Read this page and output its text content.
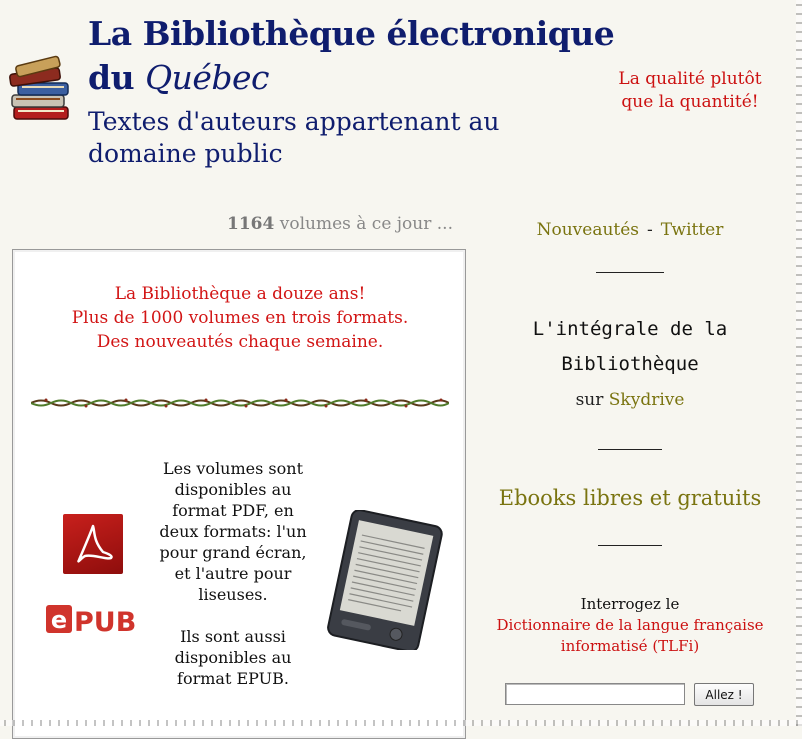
La Bibliothèque électronique
du Québec

Textes d'auteurs appartenant au domaine public

La qualité plutôt
que la quantité!
1164 volumes à ce jour ...
La Bibliothèque a douze ans!
Plus de 1000 volumes en trois formats.
Des nouveautés chaque semaine.
e PUB

Les volumes sont disponibles au format PDF, en deux formats: l'un pour grand écran, et l'autre pour liseuses.

Ils sont aussi disponibles au format EPUB.

Nouveautés - Twitter
L'intégrale de la
Bibliothèque
sur Skydrive
Ebooks libres et gratuits
Interrogez le
Dictionnaire de la langue française
informatisé (TLFi)
Allez !
